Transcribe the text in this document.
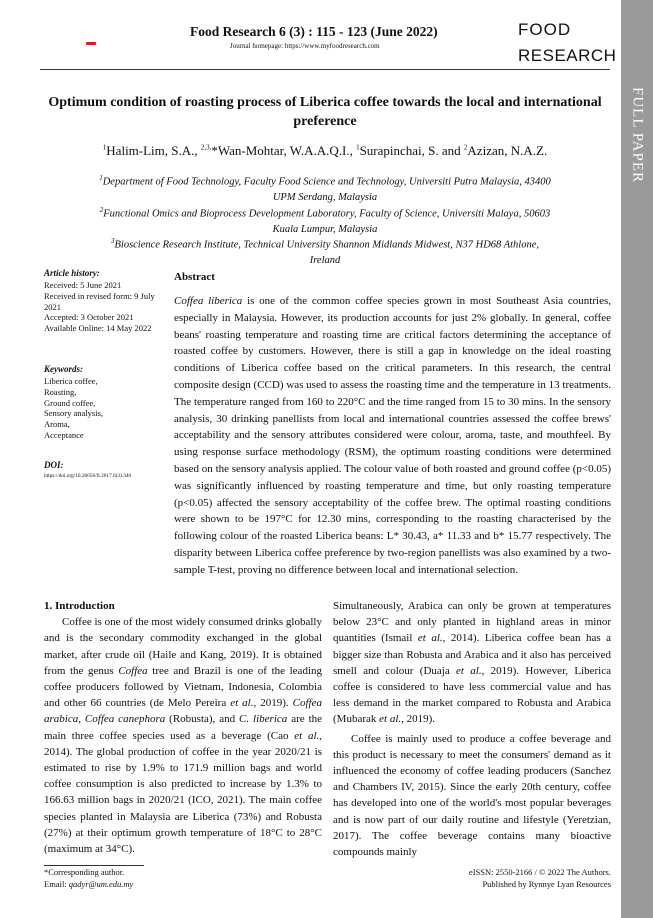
Food Research 6 (3) : 115 - 123 (June 2022)
Journal homepage: https://www.myfoodresearch.com
FOOD
RESEARCH
FULL PAPER
Optimum condition of roasting process of Liberica coffee towards the local and international preference
$^1$Halim-Lim, S.A., $^{2,3,}$*Wan-Mohtar, W.A.A.Q.I., $^1$Surapinchai, S. and $^2$Azizan, N.A.Z.
$^1$Department of Food Technology, Faculty Food Science and Technology, Universiti Putra Malaysia, 43400
UPM Serdang, Malaysia
$^2$Functional Omics and Bioprocess Development Laboratory, Faculty of Science, Universiti Malaya, 50603
Kuala Lumpur, Malaysia
$^3$Bioscience Research Institute, Technical University Shannon Midlands Midwest, N37 HD68 Athlone,
Ireland
Article history:
Received: 5 June 2021
Received in revised form: 9 July 2021
Accepted: 3 October 2021
Available Online: 14 May 2022
Keywords:
Liberica coffee,
Roasting,
Ground coffee,
Sensory analysis,
Aroma,
Acceptance
DOI:
https://doi.org/10.26656/fr.2017.6(3).340
Abstract
Coffea liberica is one of the common coffee species grown in most Southeast Asia countries, especially in Malaysia. However, its production accounts for just 2% globally. In general, coffee beans' roasting temperature and roasting time are critical factors determining the acceptance of roasted coffee by customers. However, there is still a gap in knowledge on the ideal roasting conditions of Liberica coffee based on the critical parameters. In this research, the central composite design (CCD) was used to assess the roasting time and the temperature in 13 treatments. The temperature ranged from 160 to 220°C and the time ranged from 15 to 30 mins. In the sensory analysis, 30 drinking panellists from local and international countries assessed the coffee brews' acceptability and the sensory attributes considered were colour, aroma, taste, and mouthfeel. By using response surface methodology (RSM), the optimum roasting conditions were determined based on the sensory analysis applied. The colour value of both roasted and ground coffee (p<0.05) was significantly influenced by roasting temperature and time, but only roasting temperature (p<0.05) affected the sensory acceptability of the coffee brew. The optimal roasting conditions were shown to be 197°C for 12.30 mins, corresponding to the roasting characterised by the following colour of the roasted Liberica beans: L* 30.43, a* 11.33 and b* 15.77 respectively. The disparity between Liberica coffee preference by two-region panellists was also examined by a two-sample T-test, proving no difference between local and international selection.

1. Introduction

Coffee is one of the most widely consumed drinks globally and is the secondary commodity exchanged in the global market, after crude oil (Haile and Kang, 2019). It is obtained from the genus Coffea tree and Brazil is one of the leading coffee producers followed by Vietnam, Indonesia, Colombia and other 66 countries (de Melo Pereira et al., 2019). Coffea arabica, Coffea canephora (Robusta), and C. liberica are the main three coffee species used as a beverage (Cao et al., 2014). The global production of coffee in the year 2020/21 is estimated to rise by 1.9% to 171.9 million bags and world coffee consumption is also predicted to increase by 1.3% to 166.63 million bags in 2020/21 (ICO, 2021). The main coffee species planted in Malaysia are Liberica (73%) and Robusta (27%) at their optimum growth temperature of 18°C to 28°C (maximum at 34°C).

Simultaneously, Arabica can only be grown at temperatures below 23°C and only planted in highland areas in minor quantities (Ismail et al., 2014). Liberica coffee bean has a bigger size than Robusta and Arabica and it also has perceived smell and colour (Duaja et al., 2019). However, Liberica coffee is considered to have less commercial value and has less demand in the market compared to Robusta and Arabica (Mubarak et al., 2019).

Coffee is mainly used to produce a coffee beverage and this product is necessary to meet the consumers' demand as it influenced the economy of coffee leading producers (Sanchez and Chambers IV, 2015). Since the early 20th century, coffee has developed into one of the world's most popular beverages and is now part of our daily routine and lifestyle (Yeretzian, 2017). The coffee beverage contains many bioactive compounds mainly

*Corresponding author.
Email: qadyr@um.edu.my
eISSN: 2550-2166 / © 2022 The Authors.
Published by Rynnye Lyan Resources
